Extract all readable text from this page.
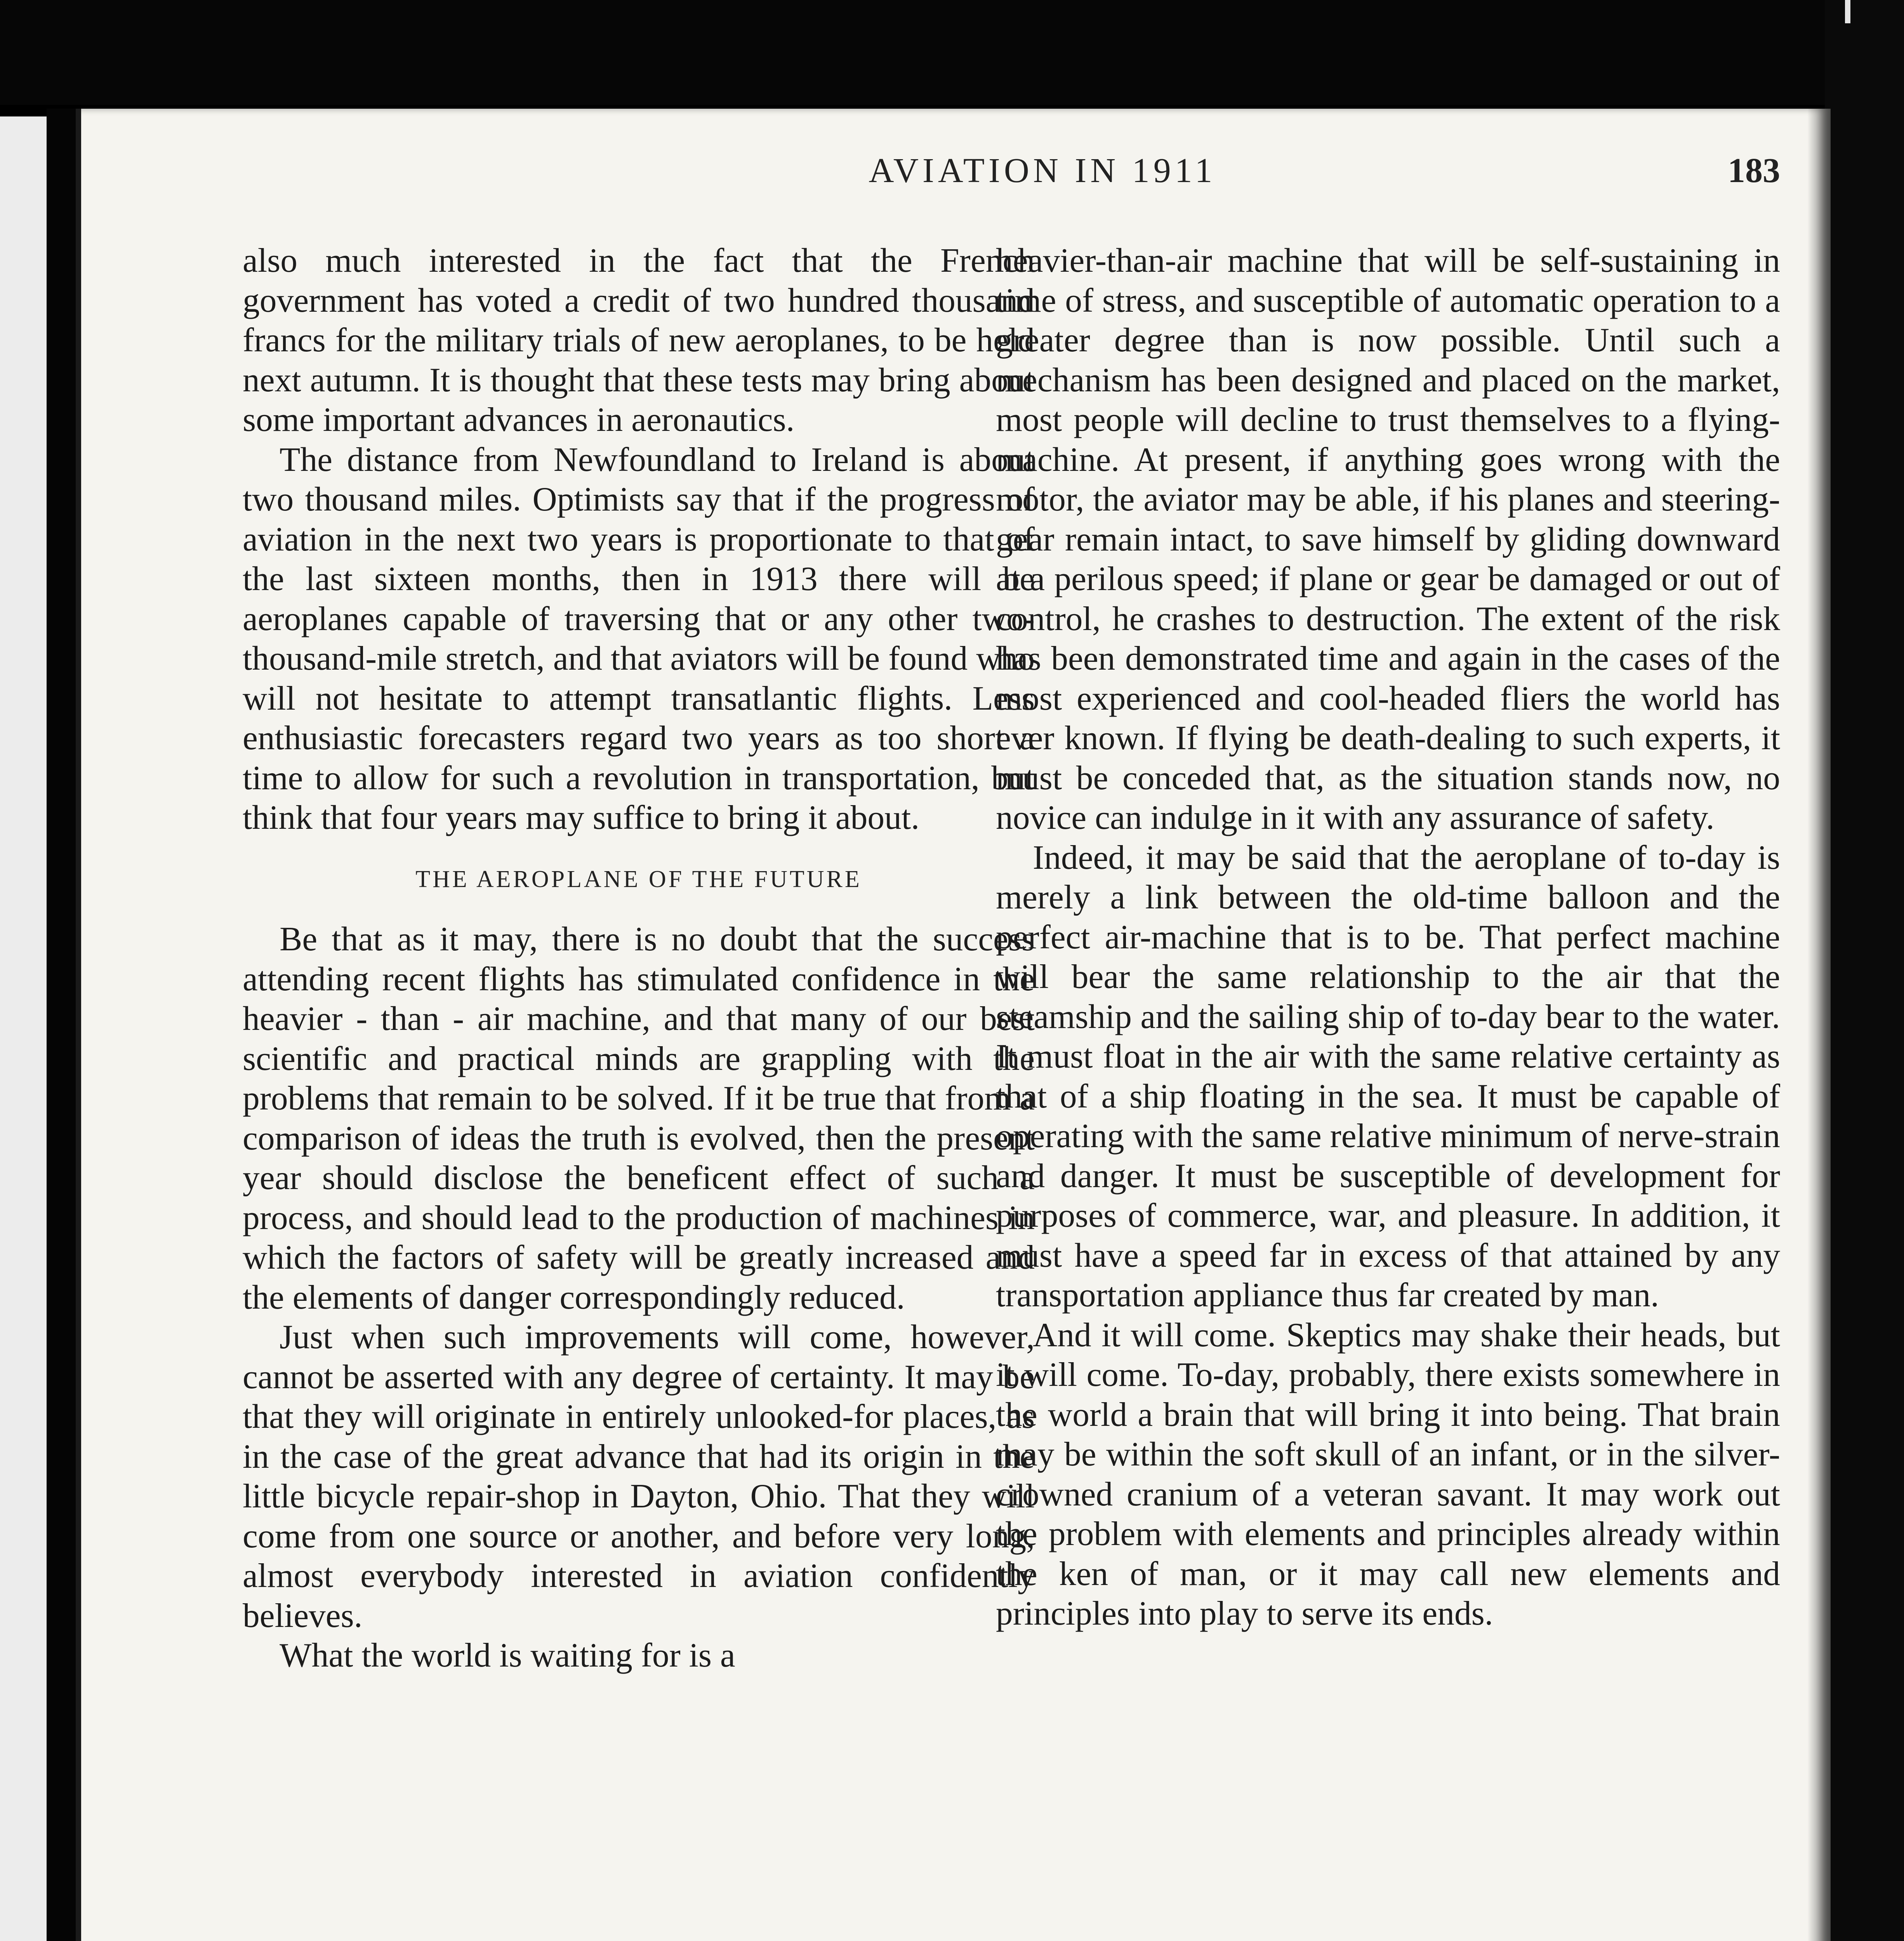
AVIATION IN 1911	183

also much interested in the fact that the French government has voted a credit of two hundred thousand francs for the military trials of new aeroplanes, to be held next autumn. It is thought that these tests may bring about some important advances in aeronautics.

The distance from Newfoundland to Ireland is about two thousand miles. Optimists say that if the progress of aviation in the next two years is proportionate to that of the last sixteen months, then in 1913 there will be aeroplanes capable of traversing that or any other two-thousand-mile stretch, and that aviators will be found who will not hesitate to attempt transatlantic flights. Less enthusiastic forecasters regard two years as too short a time to allow for such a revolution in transportation, but think that four years may suffice to bring it about.

THE AEROPLANE OF THE FUTURE

Be that as it may, there is no doubt that the success attending recent flights has stimulated confidence in the heavier - than - air machine, and that many of our best scientific and practical minds are grappling with the problems that remain to be solved. If it be true that from a comparison of ideas the truth is evolved, then the present year should disclose the beneficent effect of such a process, and should lead to the production of machines in which the factors of safety will be greatly increased and the elements of danger correspondingly reduced.

Just when such improvements will come, however, cannot be asserted with any degree of certainty. It may be that they will originate in entirely unlooked-for places, as in the case of the great advance that had its origin in the little bicycle repair-shop in Dayton, Ohio. That they will come from one source or another, and before very long, almost everybody interested in aviation confidently believes.

What the world is waiting for is a

heavier-than-air machine that will be self-sustaining in time of stress, and susceptible of automatic operation to a greater degree than is now possible. Until such a mechanism has been designed and placed on the market, most people will decline to trust themselves to a flying-machine. At present, if anything goes wrong with the motor, the aviator may be able, if his planes and steering-gear remain intact, to save himself by gliding downward at a perilous speed; if plane or gear be damaged or out of control, he crashes to destruction. The extent of the risk has been demonstrated time and again in the cases of the most experienced and cool-headed fliers the world has ever known. If flying be death-dealing to such experts, it must be conceded that, as the situation stands now, no novice can indulge in it with any assurance of safety.

Indeed, it may be said that the aeroplane of to-day is merely a link between the old-time balloon and the perfect air-machine that is to be. That perfect machine will bear the same relationship to the air that the steamship and the sailing ship of to-day bear to the water. It must float in the air with the same relative certainty as that of a ship floating in the sea. It must be capable of operating with the same relative minimum of nerve-strain and danger. It must be susceptible of development for purposes of commerce, war, and pleasure. In addition, it must have a speed far in excess of that attained by any transportation appliance thus far created by man.

And it will come. Skeptics may shake their heads, but it will come. To-day, probably, there exists somewhere in the world a brain that will bring it into being. That brain may be within the soft skull of an infant, or in the silver-crowned cranium of a veteran savant. It may work out the problem with elements and principles already within the ken of man, or it may call new elements and principles into play to serve its ends.
